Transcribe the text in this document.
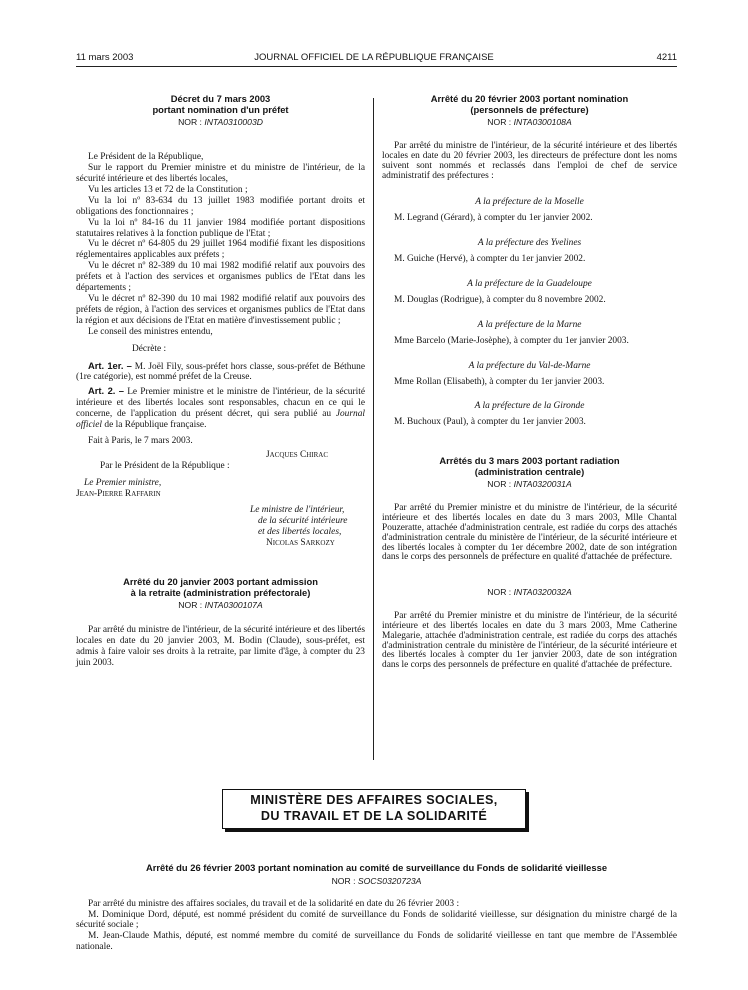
11 mars 2003	JOURNAL OFFICIEL DE LA RÉPUBLIQUE FRANÇAISE	4211
Décret du 7 mars 2003
portant nomination d'un préfet
NOR : INTA0310003D

Le Président de la République,

Sur le rapport du Premier ministre et du ministre de l'intérieur, de la sécurité intérieure et des libertés locales,

Vu les articles 13 et 72 de la Constitution ;

Vu la loi nº 83-634 du 13 juillet 1983 modifiée portant droits et obligations des fonctionnaires ;

Vu la loi nº 84-16 du 11 janvier 1984 modifiée portant dispositions statutaires relatives à la fonction publique de l'Etat ;

Vu le décret nº 64-805 du 29 juillet 1964 modifié fixant les dispositions réglementaires applicables aux préfets ;

Vu le décret nº 82-389 du 10 mai 1982 modifié relatif aux pouvoirs des préfets et à l'action des services et organismes publics de l'Etat dans les départements ;

Vu le décret nº 82-390 du 10 mai 1982 modifié relatif aux pouvoirs des préfets de région, à l'action des services et organismes publics de l'Etat dans la région et aux décisions de l'Etat en matière d'investissement public ;

Le conseil des ministres entendu,

Décrète :

Art. 1er. – M. Joël Fily, sous-préfet hors classe, sous-préfet de Béthune (1re catégorie), est nommé préfet de la Creuse.

Art. 2. – Le Premier ministre et le ministre de l'intérieur, de la sécurité intérieure et des libertés locales sont responsables, chacun en ce qui le concerne, de l'application du présent décret, qui sera publié au Journal officiel de la République française.

Fait à Paris, le 7 mars 2003.

Jacques Chirac
Par le Président de la République :
Le Premier ministre,
Jean-Pierre Raffarin
Le ministre de l'intérieur,
de la sécurité intérieure
et des libertés locales,
Nicolas Sarkozy
Arrêté du 20 janvier 2003 portant admission
à la retraite (administration préfectorale)
NOR : INTA0300107A

Par arrêté du ministre de l'intérieur, de la sécurité intérieure et des libertés locales en date du 20 janvier 2003, M. Bodin (Claude), sous-préfet, est admis à faire valoir ses droits à la retraite, par limite d'âge, à compter du 23 juin 2003.

Arrêté du 20 février 2003 portant nomination
(personnels de préfecture)
NOR : INTA0300108A

Par arrêté du ministre de l'intérieur, de la sécurité intérieure et des libertés locales en date du 20 février 2003, les directeurs de préfecture dont les noms suivent sont nommés et reclassés dans l'emploi de chef de service administratif des préfectures :

A la préfecture de la Moselle

M. Legrand (Gérard), à compter du 1er janvier 2002.

A la préfecture des Yvelines

M. Guiche (Hervé), à compter du 1er janvier 2002.

A la préfecture de la Guadeloupe

M. Douglas (Rodrigue), à compter du 8 novembre 2002.

A la préfecture de la Marne

Mme Barcelo (Marie-Josèphe), à compter du 1er janvier 2003.

A la préfecture du Val-de-Marne

Mme Rollan (Elisabeth), à compter du 1er janvier 2003.

A la préfecture de la Gironde

M. Buchoux (Paul), à compter du 1er janvier 2003.

Arrêtés du 3 mars 2003 portant radiation
(administration centrale)
NOR : INTA0320031A

Par arrêté du Premier ministre et du ministre de l'intérieur, de la sécurité intérieure et des libertés locales en date du 3 mars 2003, Mlle Chantal Pouzeratte, attachée d'administration centrale, est radiée du corps des attachés d'administration centrale du ministère de l'intérieur, de la sécurité intérieure et des libertés locales à compter du 1er décembre 2002, date de son intégration dans le corps des personnels de préfecture en qualité d'attachée de préfecture.

NOR : INTA0320032A

Par arrêté du Premier ministre et du ministre de l'intérieur, de la sécurité intérieure et des libertés locales en date du 3 mars 2003, Mme Catherine Malegarie, attachée d'administration centrale, est radiée du corps des attachés d'administration centrale du ministère de l'intérieur, de la sécurité intérieure et des libertés locales à compter du 1er janvier 2003, date de son intégration dans le corps des personnels de préfecture en qualité d'attachée de préfecture.

MINISTÈRE DES AFFAIRES SOCIALES,
DU TRAVAIL ET DE LA SOLIDARITÉ
Arrêté du 26 février 2003 portant nomination au comité de surveillance du Fonds de solidarité vieillesse
NOR : SOCS0320723A

Par arrêté du ministre des affaires sociales, du travail et de la solidarité en date du 26 février 2003 :

M. Dominique Dord, député, est nommé président du comité de surveillance du Fonds de solidarité vieillesse, sur désignation du ministre chargé de la sécurité sociale ;

M. Jean-Claude Mathis, député, est nommé membre du comité de surveillance du Fonds de solidarité vieillesse en tant que membre de l'Assemblée nationale.
